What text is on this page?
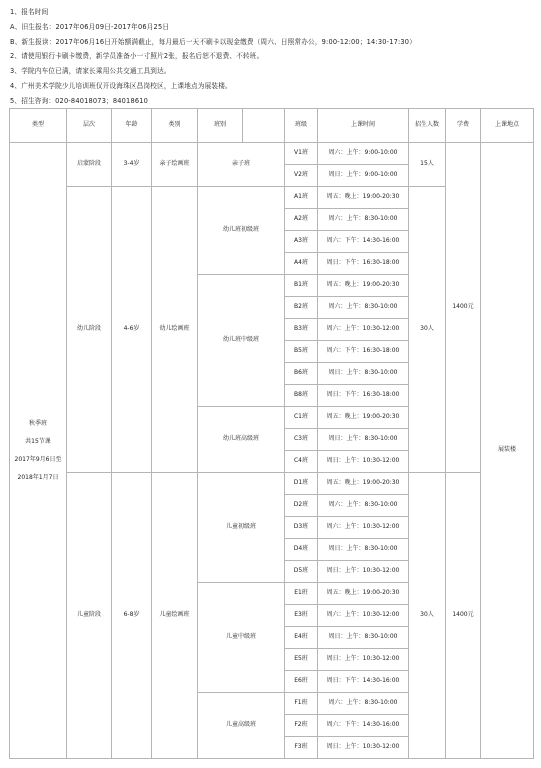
1、报名时间
A、旧生报名：2017年06月09日-2017年06月25日
B、新生报读：2017年06月16日开始额满截止，每月最后一天不刷卡以现金缴费（周六、日照常办公，9:00-12:00；14:30-17:30）
2、请使用银行卡刷卡缴费，新学员准备小一寸照片2张，报名后恕不退费、不转班。
3、学院内车位已满，请家长乘用公共交通工具到达。
4、广州美术学院少儿培训班仅开设海珠区昌岗校区，上课地点为展装楼。
5、招生咨询：020-84018073；84018610
类型	层次	年龄	类别	班别		班级	上课时间	招生人数	学费	上课地点

秋季班
共15节课
2017年9月6日至
2018年1月7日	启蒙阶段	3-4岁	亲子绘画班	亲子班		V1班	周六：上午：9:00-10:00	15人	1400元	展装楼
						V2班	周日：上午：9:00-10:00			
	幼儿阶段	4-6岁	幼儿绘画班	幼儿班初级班		A1班	周五：晚上：19:00-20:30	30人		
						A2班	周六：上午：8:30-10:00			
						A3班	周六：下午：14:30-16:00			
						A4班	周日：下午：16:30-18:00			
				幼儿班中级班		B1班	周五：晚上：19:00-20:30			
						B2班	周六：上午：8:30-10:00			
						B3班	周六：上午：10:30-12:00			
						B5班	周六：下午：16:30-18:00			
						B6班	周日：上午：8:30-10:00			
						B8班	周日：下午：16:30-18:00			
				幼儿班高级班		C1班	周五：晚上：19:00-20:30			
						C3班	周日：上午：8:30-10:00			
						C4班	周日：上午：10:30-12:00			
	儿童阶段	6-8岁	儿童绘画班	儿童初级班		D1班	周五：晚上：19:00-20:30	30人	1400元	
						D2班	周六：上午：8:30-10:00			
						D3班	周六：上午：10:30-12:00			
						D4班	周日：上午：8:30-10:00			
						D5班	周日：上午：10:30-12:00			
				儿童中级班		E1班	周五：晚上：19:00-20:30			
						E3班	周六：上午：10:30-12:00			
						E4班	周日：上午：8:30-10:00			
						E5班	周日：上午：10:30-12:00			
						E6班	周日：下午：14:30-16:00			
				儿童高级班		F1班	周六：上午：8:30-10:00			
						F2班	周六：下午：14:30-16:00			
						F3班	周日：上午：10:30-12:00			
